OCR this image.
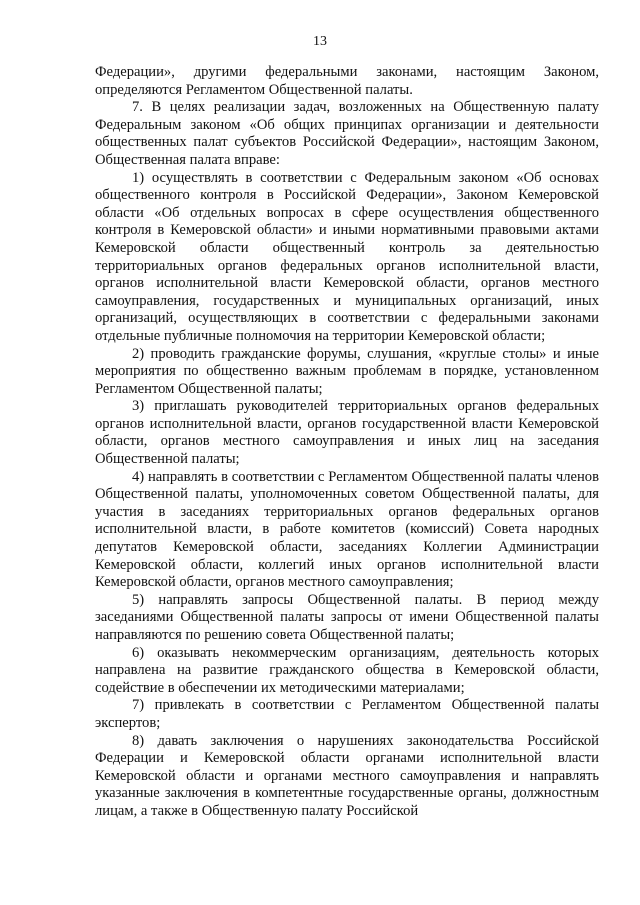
13

Федерации», другими федеральными законами, настоящим Законом, определяются Регламентом Общественной палаты.

7. В целях реализации задач, возложенных на Общественную палату Федеральным законом «Об общих принципах организации и деятельности общественных палат субъектов Российской Федерации», настоящим Законом, Общественная палата вправе:

1) осуществлять в соответствии с Федеральным законом «Об основах общественного контроля в Российской Федерации», Законом Кемеровской области «Об отдельных вопросах в сфере осуществления общественного контроля в Кемеровской области» и иными нормативными правовыми актами Кемеровской области общественный контроль за деятельностью территориальных органов федеральных органов исполнительной власти, органов исполнительной власти Кемеровской области, органов местного самоуправления, государственных и муниципальных организаций, иных организаций, осуществляющих в соответствии с федеральными законами отдельные публичные полномочия на территории Кемеровской области;

2) проводить гражданские форумы, слушания, «круглые столы» и иные мероприятия по общественно важным проблемам в порядке, установленном Регламентом Общественной палаты;

3) приглашать руководителей территориальных органов федеральных органов исполнительной власти, органов государственной власти Кемеровской области, органов местного самоуправления и иных лиц на заседания Общественной палаты;

4) направлять в соответствии с Регламентом Общественной палаты членов Общественной палаты, уполномоченных советом Общественной палаты, для участия в заседаниях территориальных органов федеральных органов исполнительной власти, в работе комитетов (комиссий) Совета народных депутатов Кемеровской области, заседаниях Коллегии Администрации Кемеровской области, коллегий иных органов исполнительной власти Кемеровской области, органов местного самоуправления;

5) направлять запросы Общественной палаты. В период между заседаниями Общественной палаты запросы от имени Общественной палаты направляются по решению совета Общественной палаты;

6) оказывать некоммерческим организациям, деятельность которых направлена на развитие гражданского общества в Кемеровской области, содействие в обеспечении их методическими материалами;

7) привлекать в соответствии с Регламентом Общественной палаты экспертов;

8) давать заключения о нарушениях законодательства Российской Федерации и Кемеровской области органами исполнительной власти Кемеровской области и органами местного самоуправления и направлять указанные заключения в компетентные государственные органы, должностным лицам, а также в Общественную палату Российской
